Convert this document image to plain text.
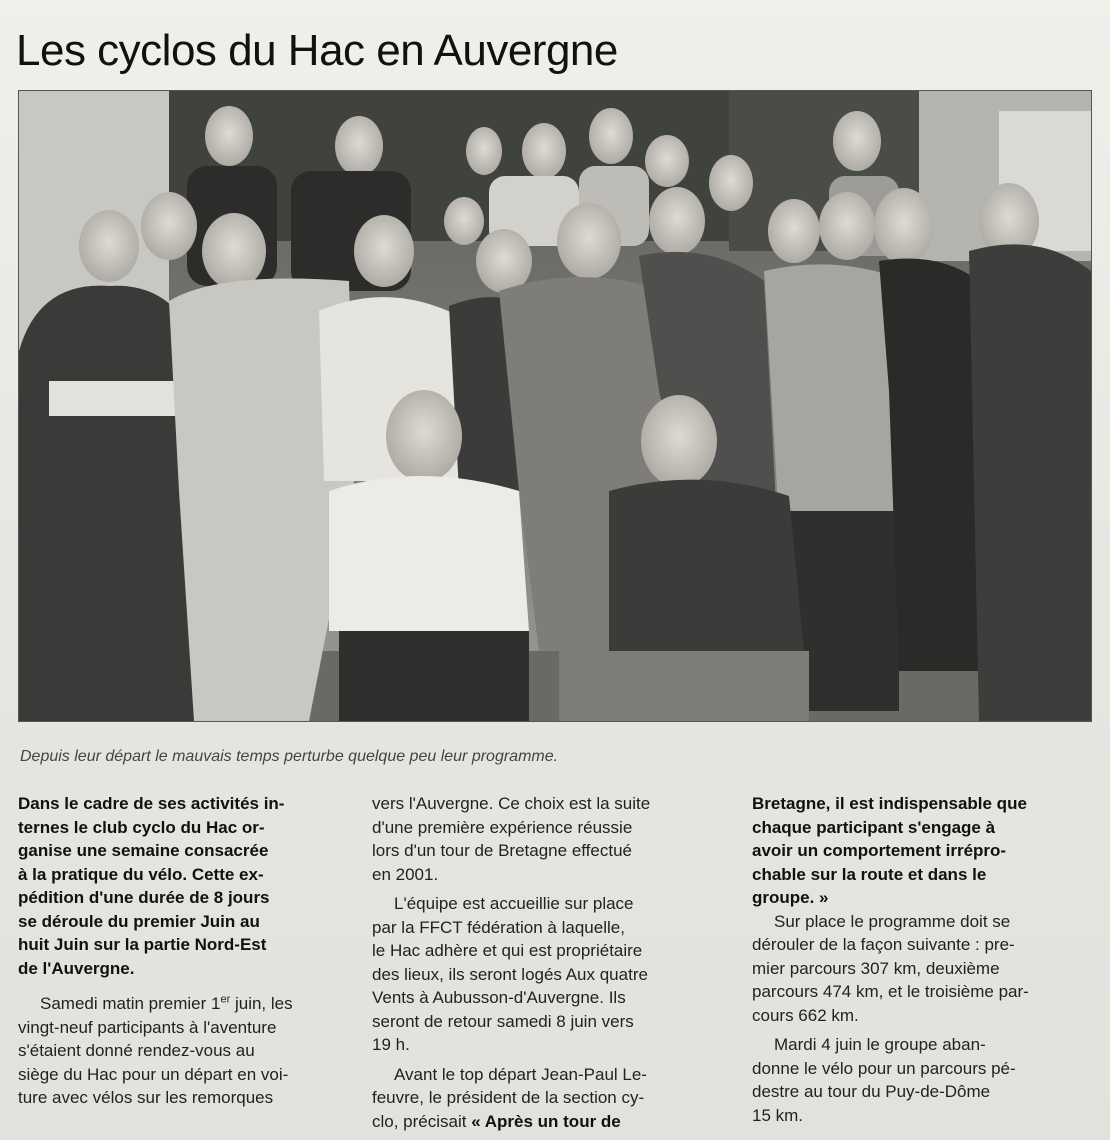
Les cyclos du Hac en Auvergne
Depuis leur départ le mauvais temps perturbe quelque peu leur programme.

Dans le cadre de ses activités in-
ternes le club cyclo du Hac or-
ganise une semaine consacrée
à la pratique du vélo. Cette ex-
pédition d'une durée de 8 jours
se déroule du premier Juin au
huit Juin sur la partie Nord-Est
de l'Auvergne.

Samedi matin premier 1er juin, les
vingt-neuf participants à l'aventure
s'étaient donné rendez-vous au
siège du Hac pour un départ en voi-
ture avec vélos sur les remorques

vers l'Auvergne. Ce choix est la suite
d'une première expérience réussie
lors d'un tour de Bretagne effectué
en 2001.

L'équipe est accueillie sur place
par la FFCT fédération à laquelle,
le Hac adhère et qui est propriétaire
des lieux, ils seront logés Aux quatre
Vents à Aubusson-d'Auvergne. Ils
seront de retour samedi 8 juin vers
19 h.

Avant le top départ Jean-Paul Le-
feuvre, le président de la section cy-
clo, précisait « Après un tour de

Bretagne, il est indispensable que
chaque participant s'engage à
avoir un comportement irrépro-
chable sur la route et dans le
groupe. »

Sur place le programme doit se
dérouler de la façon suivante : pre-
mier parcours 307 km, deuxième
parcours 474 km, et le troisième par-
cours 662 km.

Mardi 4 juin le groupe aban-
donne le vélo pour un parcours pé-
destre au tour du Puy-de-Dôme
15 km.
